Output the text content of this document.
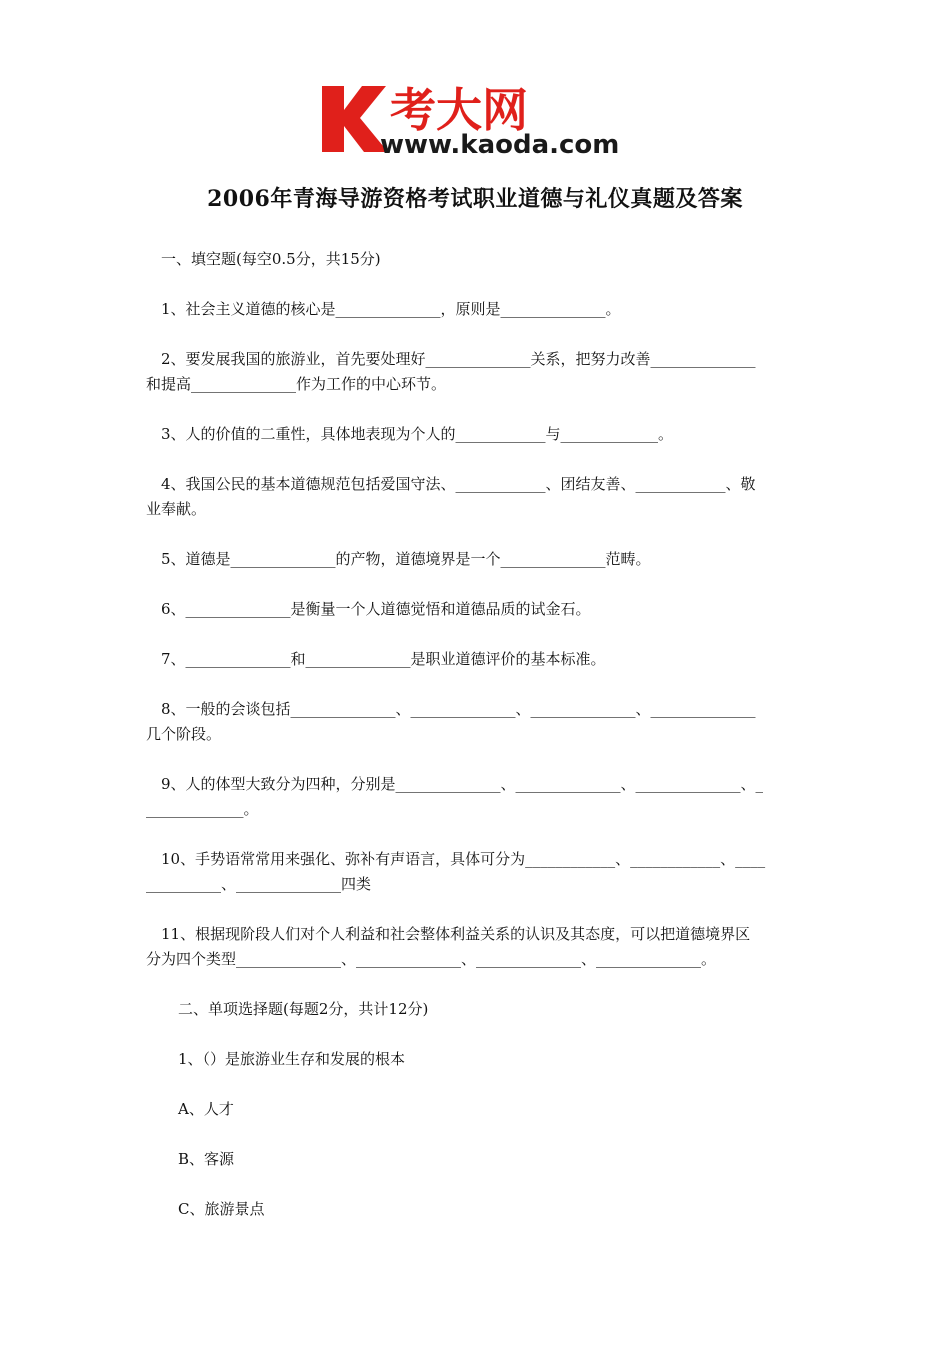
考大网
www.kaoda.com
2006年青海导游资格考试职业道德与礼仪真题及答案
一、填空题(每空0.5分，共15分)
1、社会主义道德的核心是______________，原则是______________。
2、要发展我国的旅游业，首先要处理好______________关系，把努力改善______________
和提高______________作为工作的中心环节。
3、人的价值的二重性，具体地表现为个人的____________与_____________。
4、我国公民的基本道德规范包括爱国守法、____________、团结友善、____________、敬
业奉献。
5、道德是______________的产物，道德境界是一个______________范畴。
6、______________是衡量一个人道德觉悟和道德品质的试金石。
7、______________和______________是职业道德评价的基本标准。
8、一般的会谈包括______________、______________、______________、______________
几个阶段。
9、人的体型大致分为四种，分别是______________、______________、______________、_
_____________。
10、手势语常常用来强化、弥补有声语言，具体可分为____________、____________、____
__________、______________四类
11、根据现阶段人们对个人利益和社会整体利益关系的认识及其态度，可以把道德境界区
分为四个类型______________、______________、______________、______________。
二、单项选择题(每题2分，共计12分)
1、（）是旅游业生存和发展的根本
A、人才
B、客源
C、旅游景点
